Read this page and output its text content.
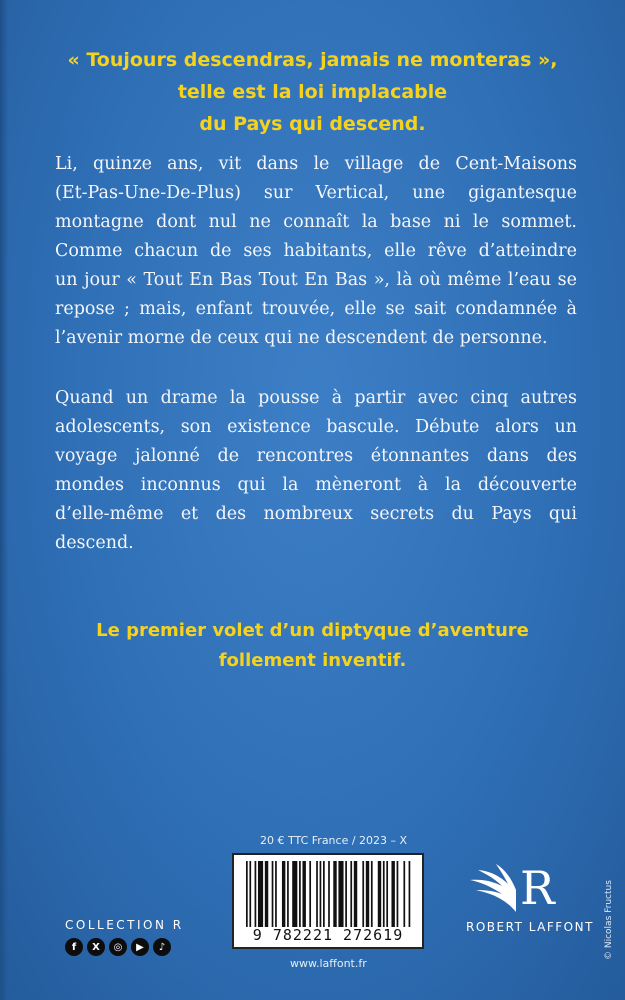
« Toujours descendras, jamais ne monteras »,
telle est la loi implacable
du Pays qui descend.
Li, quinze ans, vit dans le village de Cent-Maisons
(Et-Pas-Une-De-Plus) sur Vertical, une gigantesque
montagne dont nul ne connaît la base ni le sommet.
Comme chacun de ses habitants, elle rêve d’atteindre
un jour « Tout En Bas Tout En Bas », là où même l’eau se
repose ; mais, enfant trouvée, elle se sait condamnée à
l’avenir morne de ceux qui ne descendent de personne.
Quand un drame la pousse à partir avec cinq autres
adolescents, son existence bascule. Débute alors un
voyage jalonné de rencontres étonnantes dans des
mondes inconnus qui la mèneront à la découverte
d’elle-même et des nombreux secrets du Pays qui
descend.
Le premier volet d’un diptyque d’aventure
follement inventif.
20 € TTC France / 2023 – X
9 782221 272619
COLLECTION R
f	X	◎	▶	♪
www.laffont.fr
R
ROBERT LAFFONT © Nicolas Fructus
